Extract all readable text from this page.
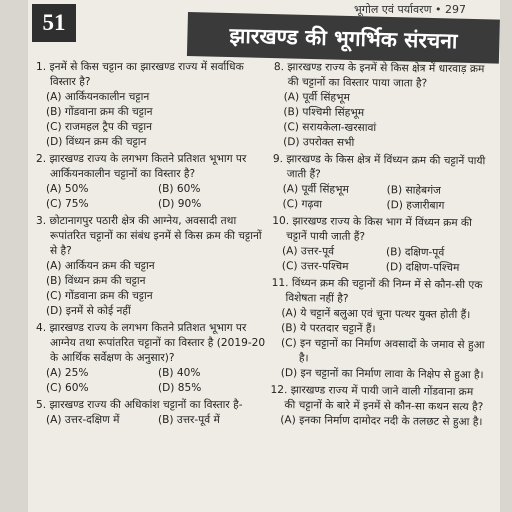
भूगोल एवं पर्यावरण • 297
51
झारखण्ड की भूगर्भिक संरचना
1. इनमें से किस चट्टान का झारखण्ड राज्य में सर्वाधिक विस्तार है?
(A) आर्कियनकालीन चट्टान
(B) गोंडवाना क्रम की चट्टान
(C) राजमहल ट्रैप की चट्टान
(D) विंध्यन क्रम की चट्टान
2. झारखण्ड राज्य के लगभग कितने प्रतिशत भूभाग पर आर्कियनकालीन चट्टानों का विस्तार है?
(A) 50%	(B) 60%
(C) 75%	(D) 90%
3. छोटानागपुर पठारी क्षेत्र की आग्नेय, अवसादी तथा रूपांतरित चट्टानों का संबंध इनमें से किस क्रम की चट्टानों से है?
(A) आर्कियन क्रम की चट्टान
(B) विंध्यन क्रम की चट्टान
(C) गोंडवाना क्रम की चट्टान
(D) इनमें से कोई नहीं
4. झारखण्ड राज्य के लगभग कितने प्रतिशत भूभाग पर आग्नेय तथा रूपांतरित चट्टानों का विस्तार है (2019-20 के आर्थिक सर्वेक्षण के अनुसार)?
(A) 25%	(B) 40%
(C) 60%	(D) 85%
5. झारखण्ड राज्य की अधिकांश चट्टानों का विस्तार है-
(A) उत्तर-दक्षिण में	(B) उत्तर-पूर्व में
8. झारखण्ड राज्य के इनमें से किस क्षेत्र में धारवाड़ क्रम की चट्टानों का विस्तार पाया जाता है?
(A) पूर्वी सिंहभूम
(B) पश्चिमी सिंहभूम
(C) सरायकेला-खरसावां
(D) उपरोक्त सभी
9. झारखण्ड के किस क्षेत्र में विंध्यन क्रम की चट्टानें पायी जाती हैं?
(A) पूर्वी सिंहभूम	(B) साहेबगंज
(C) गढ़वा	(D) हजारीबाग
10. झारखण्ड राज्य के किस भाग में विंध्यन क्रम की चट्टानें पायी जाती हैं?
(A) उत्तर-पूर्व	(B) दक्षिण-पूर्व
(C) उत्तर-पश्चिम	(D) दक्षिण-पश्चिम
11. विंध्यन क्रम की चट्टानों की निम्न में से कौन-सी एक विशेषता नहीं है?
(A) ये चट्टानें बलुआ एवं चूना पत्थर युक्त होती हैं।
(B) ये परतदार चट्टानें हैं।
(C) इन चट्टानों का निर्माण अवसादों के जमाव से हुआ है।
(D) इन चट्टानों का निर्माण लावा के निक्षेप से हुआ है।
12. झारखण्ड राज्य में पायी जाने वाली गोंडवाना क्रम की चट्टानों के बारे में इनमें से कौन-सा कथन सत्य है?
(A) इनका निर्माण दामोदर नदी के तलछट से हुआ है।
